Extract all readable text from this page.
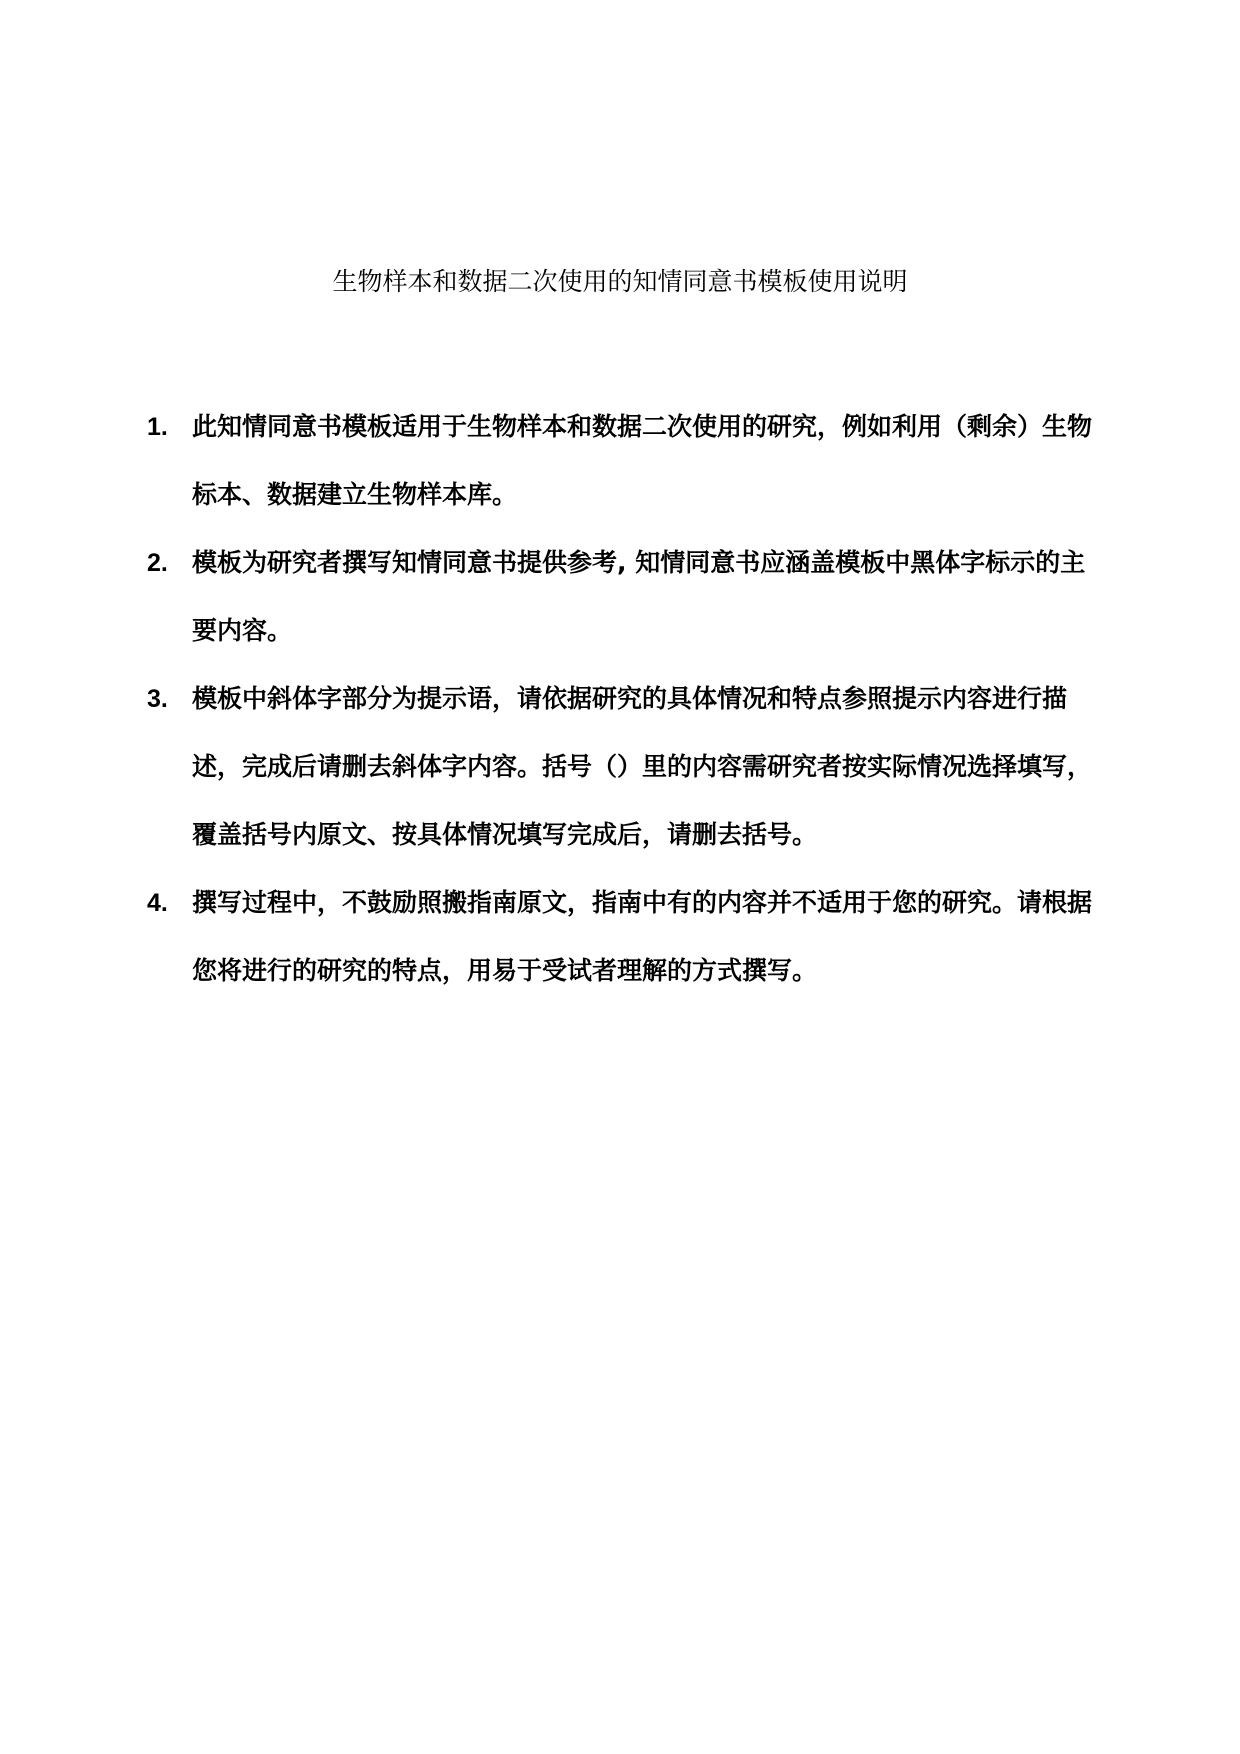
生物样本和数据二次使用的知情同意书模板使用说明
1. 此知情同意书模板适用于生物样本和数据二次使用的研究，例如利用（剩余）生物标本、数据建立生物样本库。
2. 模板为研究者撰写知情同意书提供参考, 知情同意书应涵盖模板中黑体字标示的主要内容。
3. 模板中斜体字部分为提示语，请依据研究的具体情况和特点参照提示内容进行描述，完成后请删去斜体字内容。括号（）里的内容需研究者按实际情况选择填写，覆盖括号内原文、按具体情况填写完成后，请删去括号。
4. 撰写过程中，不鼓励照搬指南原文，指南中有的内容并不适用于您的研究。请根据您将进行的研究的特点，用易于受试者理解的方式撰写。
